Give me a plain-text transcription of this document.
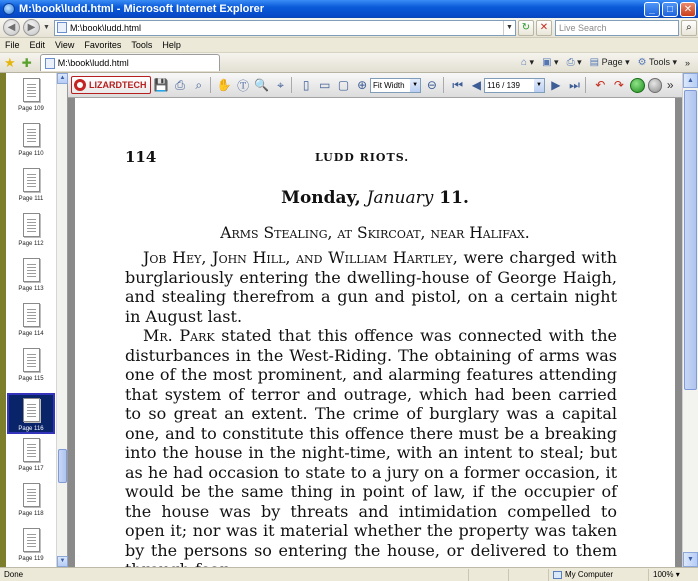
M:\book\ludd.html - Microsoft Internet Explorer	_	□	✕
◀	▶	▼ M:\book\ludd.html	▼ ↻ ✕	Live Search	⌕
File	Edit	View	Favorites	Tools	Help
★ ✚	M:\book\ludd.html	⌂ ▾ ▣ ▾ ⎙ ▾ ▤ Page ▾ ⚙ Tools ▾ »
Page 109
Page 110
Page 111
Page 112
Page 113
Page 114
Page 115
Page 116
Page 117
Page 118
Page 119
▲
▼
LIZARDTECH 💾 ⎙ ⌕	✋ Ⓣ 🔍 ⌖	▯ ▭ ▢ ⊕ Fit Width	▼ ⊖ ⏮ ◀ 116 / 139	▼ ▶ ⏭ ↶ ↷	»
114	LUDD RIOTS.
Monday, January 11.
Arms Stealing, at Skircoat, near Halifax.

Job Hey, John Hill, and William Hartley, were charged with burglariously entering the dwelling-house of George Haigh, and stealing therefrom a gun and pistol, on a certain night in August last.

Mr. Park stated that this offence was connected with the disturbances in the West-Riding. The obtaining of arms was one of the most prominent, and alarming features attending that system of terror and outrage, which had been carried to so great an extent. The crime of burglary was a capital one, and to constitute this offence there must be a breaking into the house in the night-time, with an intent to steal; but as he had occasion to state to a jury on a former occasion, it would be the same thing in point of law, if the occupier of the house was by threats and intimidation compelled to open it; nor was it material whether the property was taken by the persons so entering the house, or delivered to them

▲
▼
Done	My Computer	100% ▾
